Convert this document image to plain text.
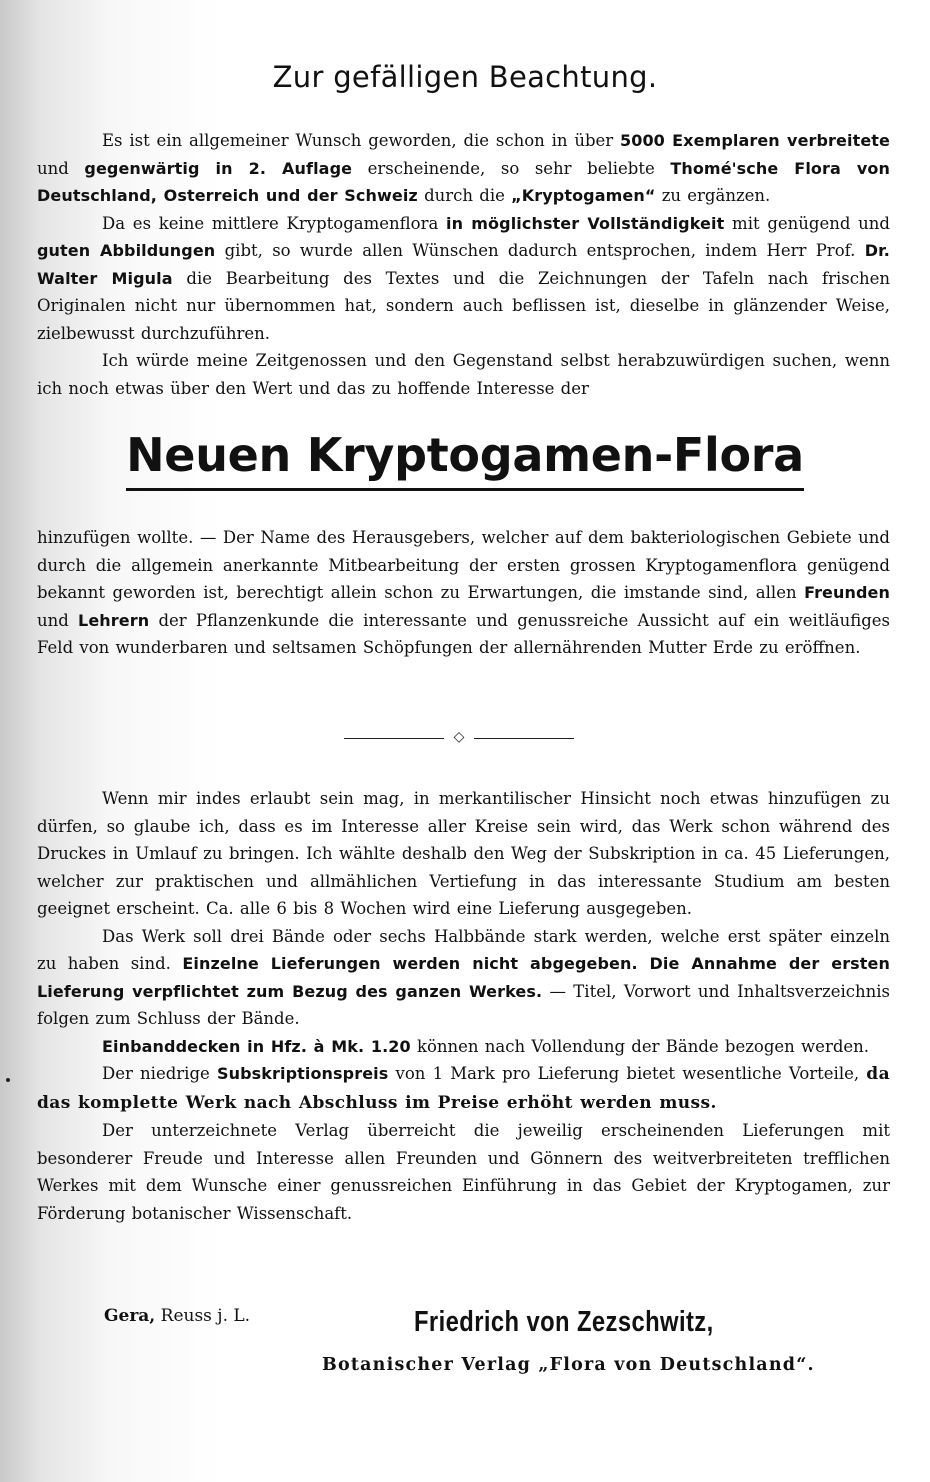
Zur gefälligen Beachtung.

Es ist ein allgemeiner Wunsch geworden, die schon in über 5000 Exemplaren verbreitete und gegenwärtig in 2. Auflage erscheinende, so sehr beliebte Thomé'sche Flora von Deutschland, Osterreich und der Schweiz durch die „Kryptogamen“ zu ergänzen.

Da es keine mittlere Kryptogamenflora in möglichster Vollständigkeit mit genügend und guten Abbildungen gibt, so wurde allen Wünschen dadurch entsprochen, indem Herr Prof. Dr. Walter Migula die Bearbeitung des Textes und die Zeichnungen der Tafeln nach frischen Originalen nicht nur übernommen hat, sondern auch beflissen ist, dieselbe in glänzender Weise, zielbewusst durchzuführen.

Ich würde meine Zeitgenossen und den Gegenstand selbst herabzuwürdigen suchen, wenn ich noch etwas über den Wert und das zu hoffende Interesse der

Neuen Kryptogamen-Flora

hinzufügen wollte. — Der Name des Herausgebers, welcher auf dem bakteriologischen Gebiete und durch die allgemein anerkannte Mitbearbeitung der ersten grossen Kryptogamenflora genügend bekannt geworden ist, berechtigt allein schon zu Erwartungen, die imstande sind, allen Freunden und Lehrern der Pflanzenkunde die interessante und genussreiche Aussicht auf ein weitläufiges Feld von wunderbaren und seltsamen Schöpfungen der allernährenden Mutter Erde zu eröffnen.

◇

Wenn mir indes erlaubt sein mag, in merkantilischer Hinsicht noch etwas hinzufügen zu dürfen, so glaube ich, dass es im Interesse aller Kreise sein wird, das Werk schon während des Druckes in Umlauf zu bringen. Ich wählte deshalb den Weg der Subskription in ca. 45 Lieferungen, welcher zur praktischen und allmählichen Vertiefung in das interessante Studium am besten geeignet erscheint. Ca. alle 6 bis 8 Wochen wird eine Lieferung ausgegeben.

Das Werk soll drei Bände oder sechs Halbbände stark werden, welche erst später einzeln zu haben sind. Einzelne Lieferungen werden nicht abgegeben. Die Annahme der ersten Lieferung verpflichtet zum Bezug des ganzen Werkes. — Titel, Vorwort und Inhaltsverzeichnis folgen zum Schluss der Bände.

Einbanddecken in Hfz. à Mk. 1.20 können nach Vollendung der Bände bezogen werden.

Der niedrige Subskriptionspreis von 1 Mark pro Lieferung bietet wesentliche Vorteile, da das komplette Werk nach Abschluss im Preise erhöht werden muss.

Der unterzeichnete Verlag überreicht die jeweilig erscheinenden Lieferungen mit besonderer Freude und Interesse allen Freunden und Gönnern des weitverbreiteten trefflichen Werkes mit dem Wunsche einer genussreichen Einführung in das Gebiet der Kryptogamen, zur Förderung botanischer Wissenschaft.

Gera, Reuss j. L.	Friedrich von Zezschwitz,
Botanischer Verlag „Flora von Deutschland“.
